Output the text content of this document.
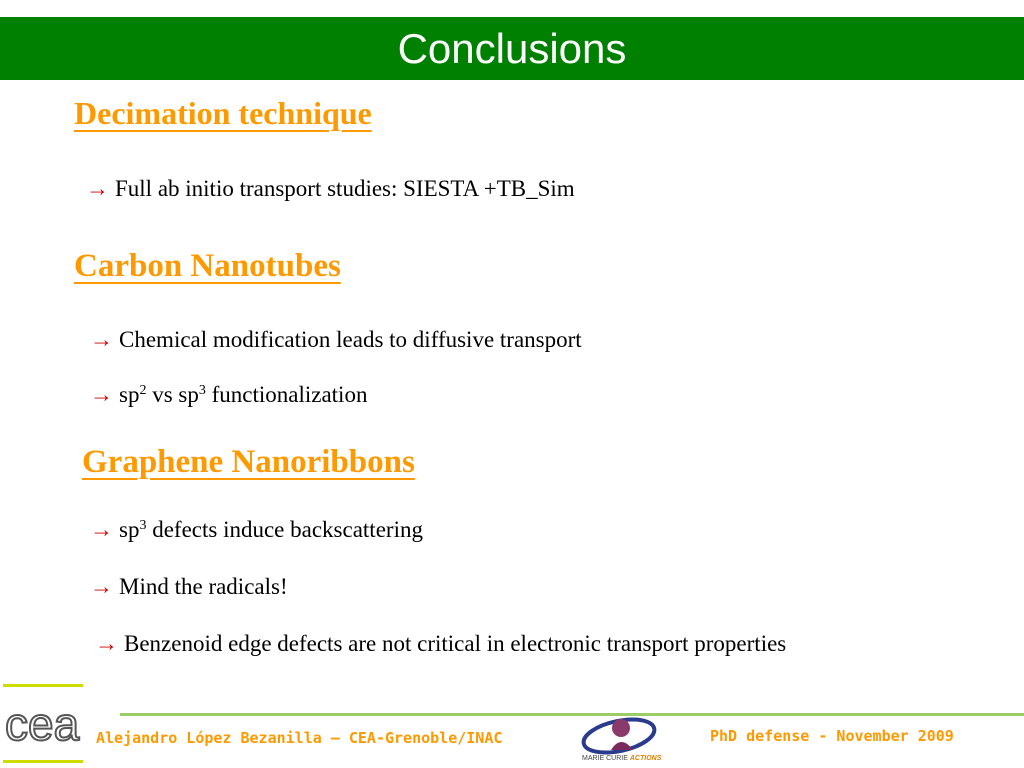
Conclusions
Decimation technique
→ Full ab initio transport studies: SIESTA +TB_Sim
Carbon Nanotubes
→ Chemical modification leads to diffusive transport
→ $sp^2$ vs $sp^3$ functionalization
Graphene Nanoribbons
→ $sp^3$ defects induce backscattering
→ Mind the radicals!
→ Benzenoid edge defects are not critical in electronic transport properties
cea Alejandro López Bezanilla – CEA-Grenoble/INAC
MARIE CURIE ACTIONS
PhD defense - November 2009
